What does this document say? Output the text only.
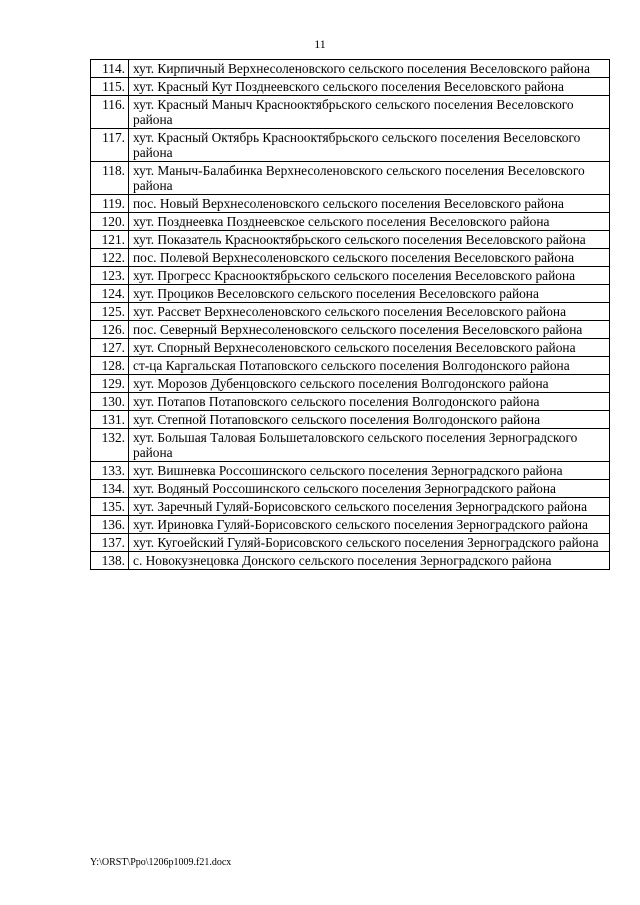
11
114.	хут. Кирпичный Верхнесоленовского сельского поселения Веселовского района
115.	хут. Красный Кут Позднеевского сельского поселения Веселовского района
116.	хут. Красный Маныч Краснооктябрьского сельского поселения Веселовского района
117.	хут. Красный Октябрь Краснооктябрьского сельского поселения Веселовского района
118.	хут. Маныч-Балабинка Верхнесоленовского сельского поселения Веселовского района
119.	пос. Новый Верхнесоленовского сельского поселения Веселовского района
120.	хут. Позднеевка Позднеевское сельского поселения Веселовского района
121.	хут. Показатель Краснооктябрьского сельского поселения Веселовского района
122.	пос. Полевой Верхнесоленовского сельского поселения Веселовского района
123.	хут. Прогресс Краснооктябрьского сельского поселения Веселовского района
124.	хут. Проциков Веселовского сельского поселения Веселовского района
125.	хут. Рассвет Верхнесоленовского сельского поселения Веселовского района
126.	пос. Северный Верхнесоленовского сельского поселения Веселовского района
127.	хут. Спорный Верхнесоленовского сельского поселения Веселовского района
128.	ст-ца Каргальская Потаповского сельского поселения Волгодонского района
129.	хут. Морозов Дубенцовского сельского поселения Волгодонского района
130.	хут. Потапов Потаповского сельского поселения Волгодонского района
131.	хут. Степной Потаповского сельского поселения Волгодонского района
132.	хут. Большая Таловая Большеталовского сельского поселения Зерноградского района
133.	хут. Вишневка Россошинского сельского поселения Зерноградского района
134.	хут. Водяный Россошинского сельского поселения Зерноградского района
135.	хут. Заречный Гуляй-Борисовского сельского поселения Зерноградского района
136.	хут. Ириновка Гуляй-Борисовского сельского поселения Зерноградского района
137.	хут. Кугоейский Гуляй-Борисовского сельского поселения Зерноградского района
138.	с. Новокузнецовка Донского сельского поселения Зерноградского района
Y:\ORST\Ppo\1206p1009.f21.docx
